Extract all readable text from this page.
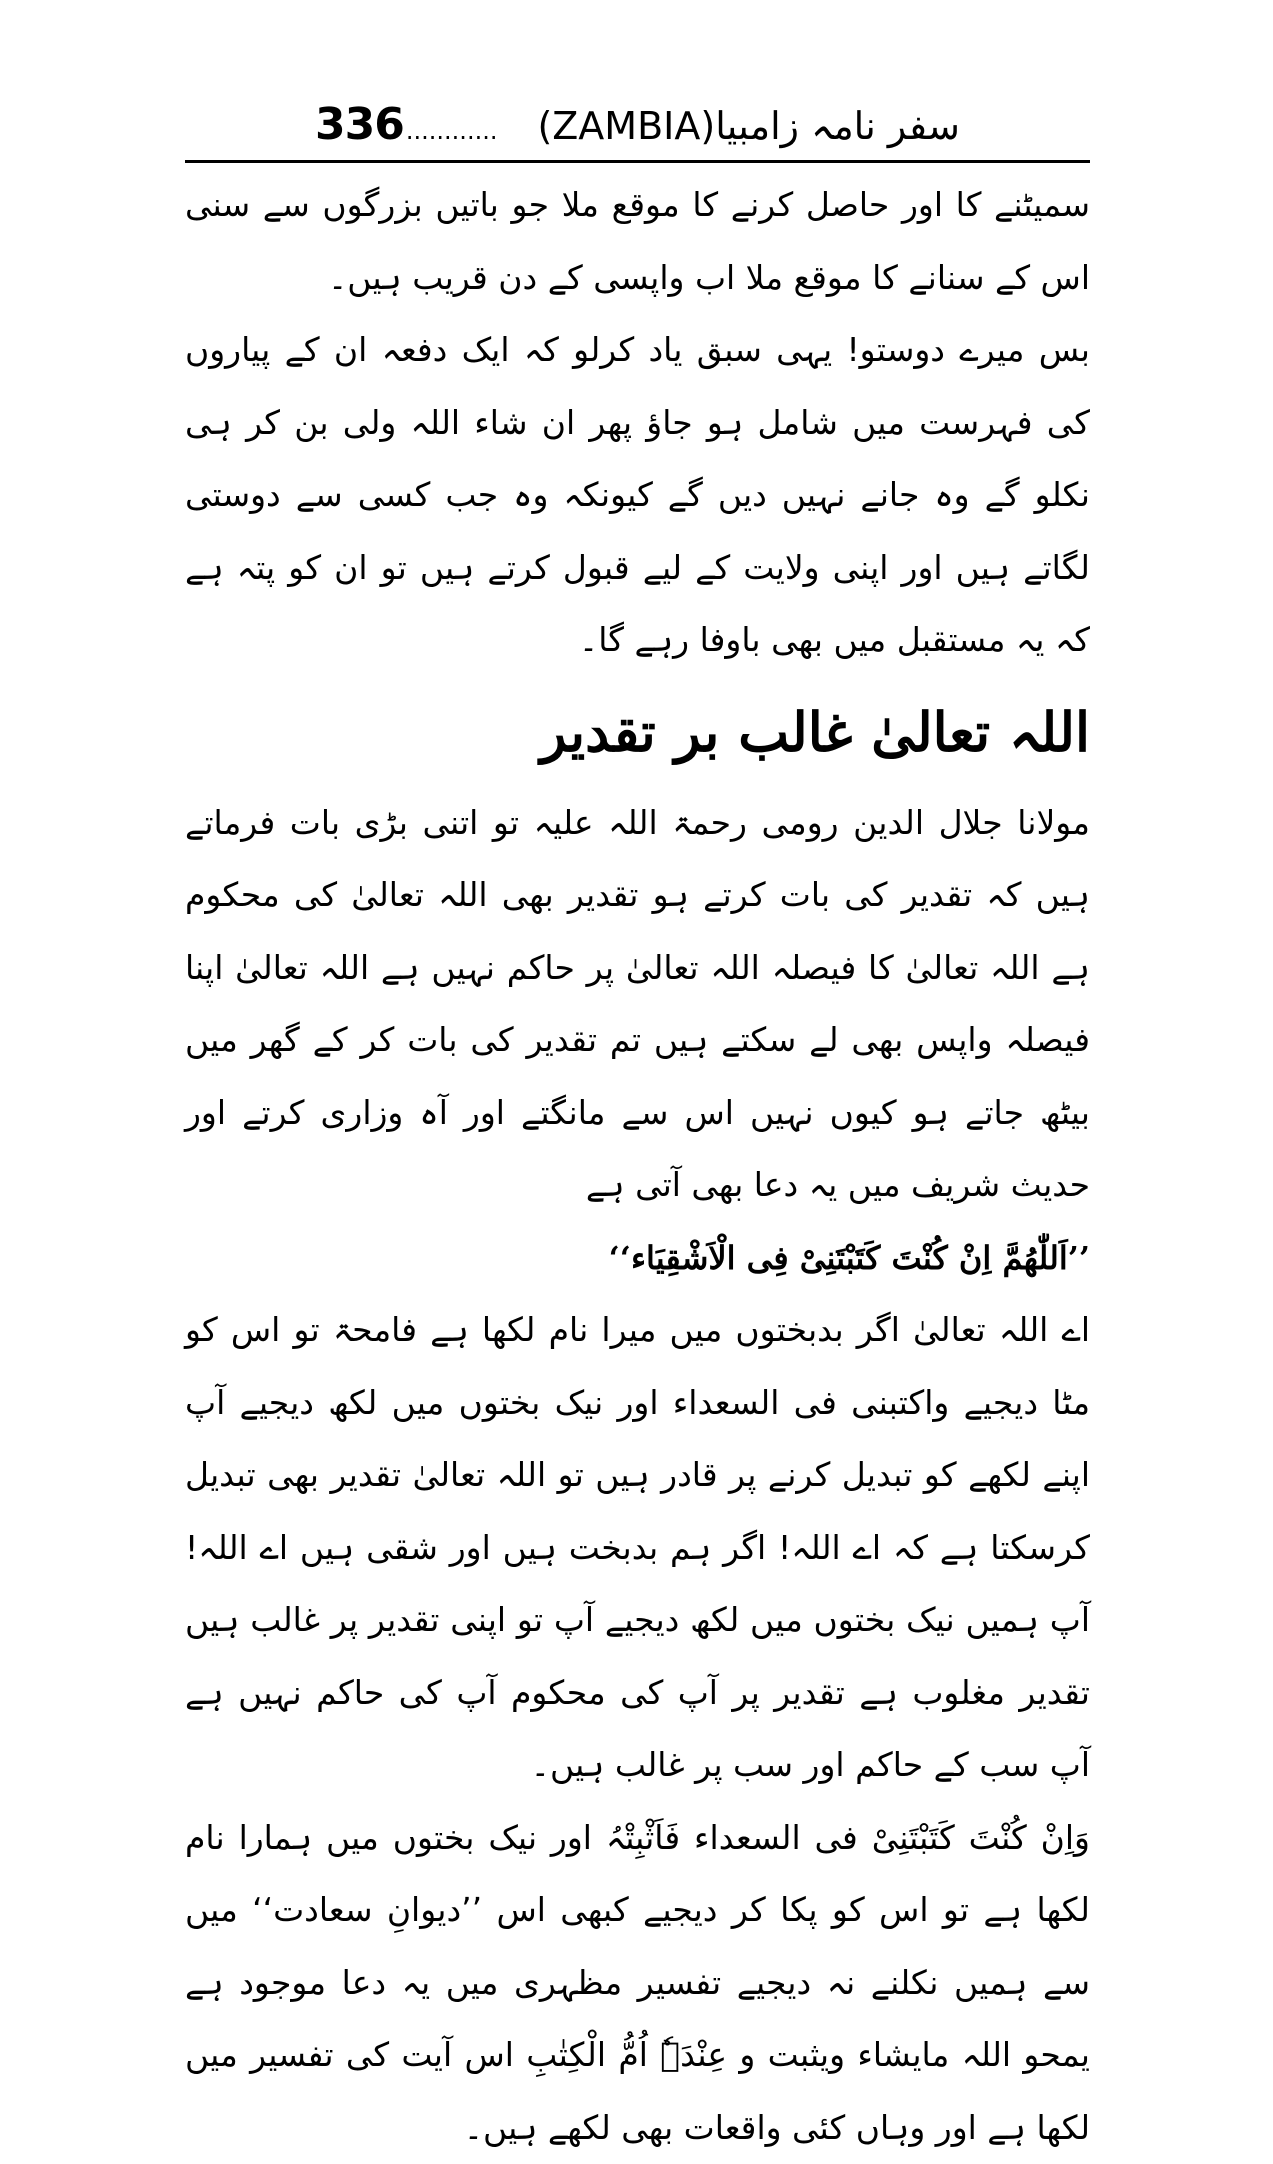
336 ............ (ZAMBIA) سفر نامہ زامبیا

سمیٹنے کا اور حاصل کرنے کا موقع ملا جو باتیں بزرگوں سے سنی اس کے سنانے کا موقع ملا اب واپسی کے دن قریب ہیں۔

بس میرے دوستو! یہی سبق یاد کرلو کہ ایک دفعہ ان کے پیاروں کی فہرست میں شامل ہو جاؤ پھر ان شاء اللہ ولی بن کر ہی نکلو گے وہ جانے نہیں دیں گے کیونکہ وہ جب کسی سے دوستی لگاتے ہیں اور اپنی ولایت کے لیے قبول کرتے ہیں تو ان کو پتہ ہے کہ یہ مستقبل میں بھی باوفا رہے گا۔

اللہ تعالیٰ غالب بر تقدیر

مولانا جلال الدین رومی رحمۃ اللہ علیہ تو اتنی بڑی بات فرماتے ہیں کہ تقدیر کی بات کرتے ہو تقدیر بھی اللہ تعالیٰ کی محکوم ہے اللہ تعالیٰ کا فیصلہ اللہ تعالیٰ پر حاکم نہیں ہے اللہ تعالیٰ اپنا فیصلہ واپس بھی لے سکتے ہیں تم تقدیر کی بات کر کے گھر میں بیٹھ جاتے ہو کیوں نہیں اس سے مانگتے اور آہ وزاری کرتے اور حدیث شریف میں یہ دعا بھی آتی ہے

’’اَللّٰھُمَّ اِنْ کُنْتَ کَتَبْتَنِیْ فِی الْاَشْقِیَاء‘‘

اے اللہ تعالیٰ اگر بدبختوں میں میرا نام لکھا ہے فامحۃ تو اس کو مٹا دیجیے واکتبنی فی السعداء اور نیک بختوں میں لکھ دیجیے آپ اپنے لکھے کو تبدیل کرنے پر قادر ہیں تو اللہ تعالیٰ تقدیر بھی تبدیل کرسکتا ہے کہ اے اللہ! اگر ہم بدبخت ہیں اور شقی ہیں اے اللہ! آپ ہمیں نیک بختوں میں لکھ دیجیے آپ تو اپنی تقدیر پر غالب ہیں تقدیر مغلوب ہے تقدیر پر آپ کی محکوم آپ کی حاکم نہیں ہے آپ سب کے حاکم اور سب پر غالب ہیں۔

وَاِنْ کُنْتَ کَتَبْتَنِیْ فی السعداء فَاَثْبِتْہُ اور نیک بختوں میں ہمارا نام لکھا ہے تو اس کو پکا کر دیجیے کبھی اس ’’دیوانِ سعادت‘‘ میں سے ہمیں نکلنے نہ دیجیے تفسیر مظہری میں یہ دعا موجود ہے یمحو اللہ مایشاء ویثبت و عِنْدَہٗ اُمُّ الْکِتٰبِ اس آیت کی تفسیر میں لکھا ہے اور وہاں کئی واقعات بھی لکھے ہیں۔
